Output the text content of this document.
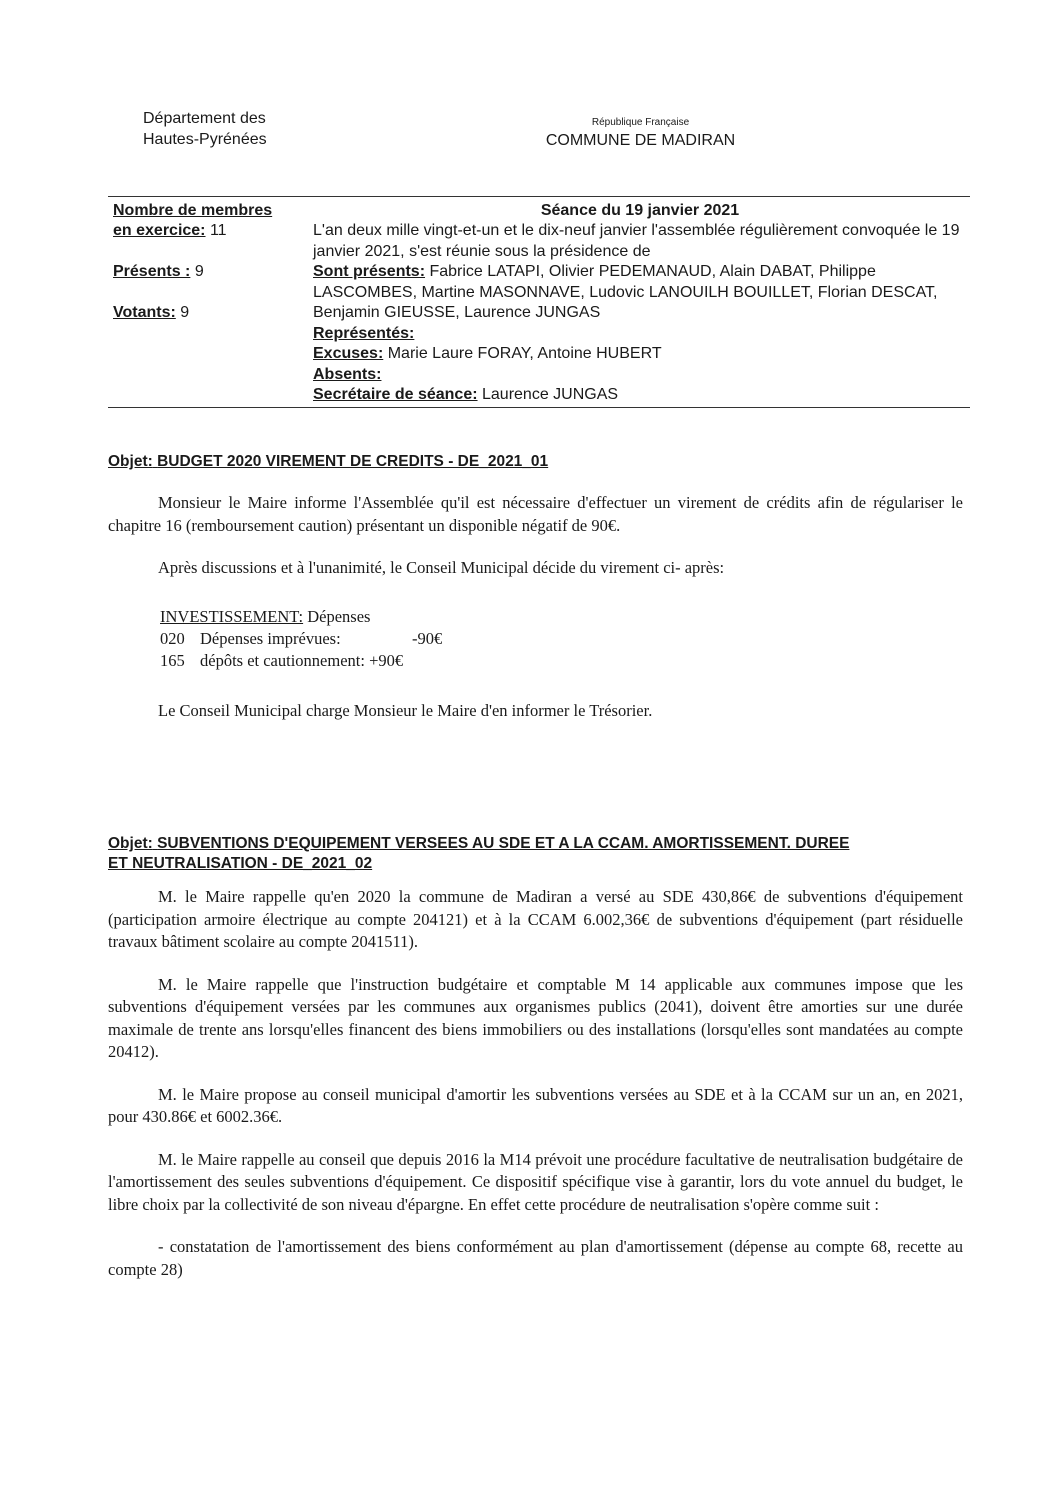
Département des
Hautes-Pyrénées
République Française
COMMUNE DE MADIRAN
Nombre de membres
en exercice: 11
Présents : 9
Votants: 9
Séance du 19 janvier 2021

L'an deux mille vingt-et-un et le dix-neuf janvier l'assemblée régulièrement convoquée le 19 janvier 2021, s'est réunie sous la présidence de

Sont présents: Fabrice LATAPI, Olivier PEDEMANAUD, Alain DABAT, Philippe LASCOMBES, Martine MASONNAVE, Ludovic LANOUILH BOUILLET, Florian DESCAT, Benjamin GIEUSSE, Laurence JUNGAS

Représentés:

Excuses: Marie Laure FORAY, Antoine HUBERT

Absents:

Secrétaire de séance: Laurence JUNGAS

Objet: BUDGET 2020 VIREMENT DE CREDITS - DE_2021_01

Monsieur le Maire informe l'Assemblée qu'il est nécessaire d'effectuer un virement de crédits afin de régulariser le chapitre 16 (remboursement caution) présentant un disponible négatif de 90€.

Après discussions et à l'unanimité, le Conseil Municipal décide du virement ci- après:

INVESTISSEMENT: Dépenses
020 Dépenses imprévues:	-90€
165 dépôts et cautionnement: +90€

Le Conseil Municipal charge Monsieur le Maire d'en informer le Trésorier.

Objet: SUBVENTIONS D'EQUIPEMENT VERSEES AU SDE ET A LA CCAM. AMORTISSEMENT. DUREE
ET NEUTRALISATION - DE_2021_02

M. le Maire rappelle qu'en 2020 la commune de Madiran a versé au SDE 430,86€ de subventions d'équipement (participation armoire électrique au compte 204121) et à la CCAM 6.002,36€ de subventions d'équipement (part résiduelle travaux bâtiment scolaire au compte 2041511).

M. le Maire rappelle que l'instruction budgétaire et comptable M 14 applicable aux communes impose que les subventions d'équipement versées par les communes aux organismes publics (2041), doivent être amorties sur une durée maximale de trente ans lorsqu'elles financent des biens immobiliers ou des installations (lorsqu'elles sont mandatées au compte 20412).

M. le Maire propose au conseil municipal d'amortir les subventions versées au SDE et à la CCAM sur un an, en 2021, pour 430.86€ et 6002.36€.

M. le Maire rappelle au conseil que depuis 2016 la M14 prévoit une procédure facultative de neutralisation budgétaire de l'amortissement des seules subventions d'équipement. Ce dispositif spécifique vise à garantir, lors du vote annuel du budget, le libre choix par la collectivité de son niveau d'épargne. En effet cette procédure de neutralisation s'opère comme suit :

- constatation de l'amortissement des biens conformément au plan d'amortissement (dépense au compte 68, recette au compte 28)
